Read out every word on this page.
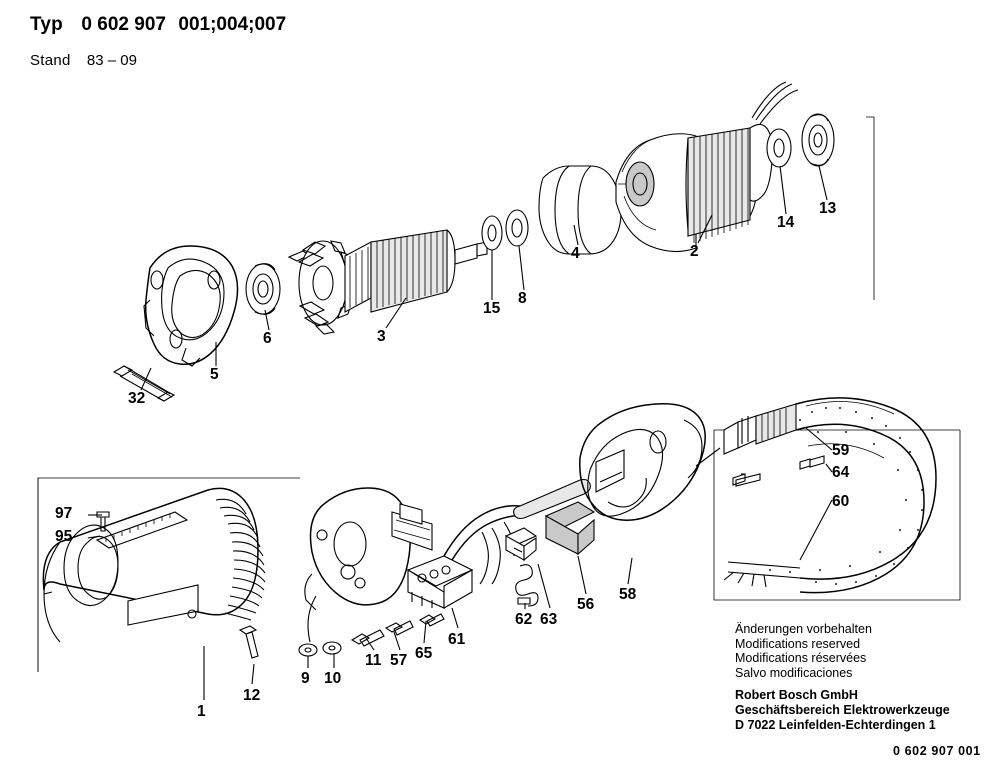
Typ 0 602 907 001;004;007
Stand 83 – 09
32
5
6	3
15
8
4	2
14
13
97
95
1
12
9 10
11 57 65
61
62 63
56
58
59
64
60
Änderungen vorbehalten
Modifications reserved
Modifications réservées
Salvo modificaciones
Robert Bosch GmbH
Geschäftsbereich Elektrowerkzeuge
D 7022 Leinfelden-Echterdingen 1
0 602 907 001
